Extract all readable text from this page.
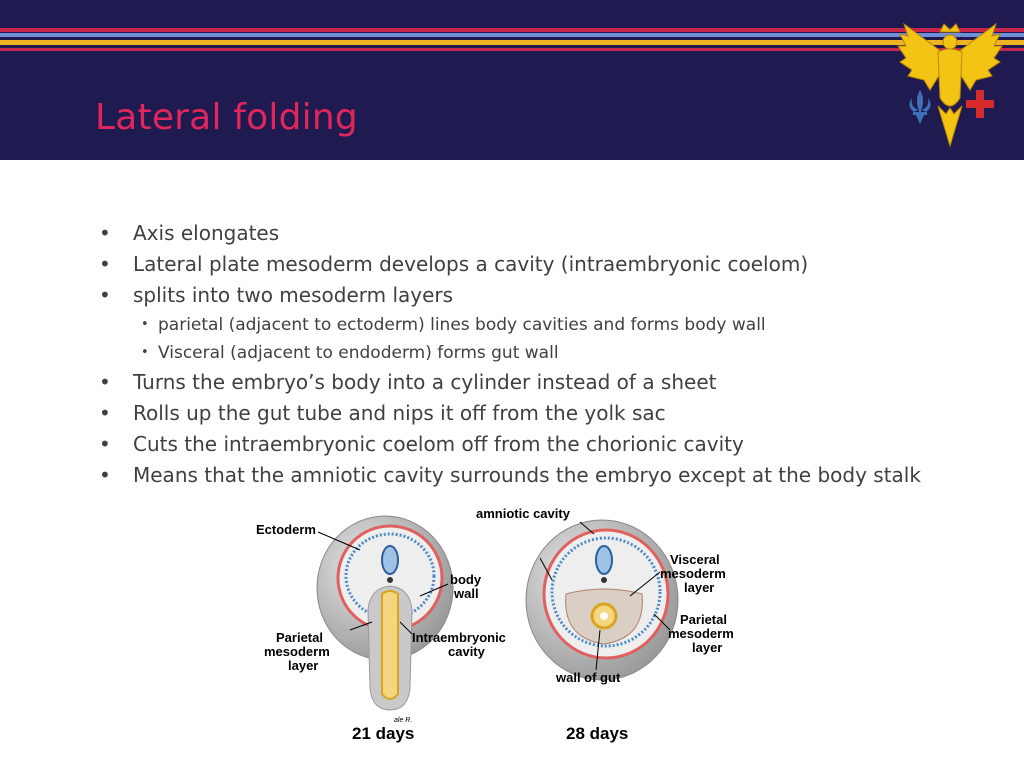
Lateral folding
• Axis elongates
• Lateral plate mesoderm develops a cavity (intraembryonic coelom)
• splits into two mesoderm layers
• parietal (adjacent to ectoderm) lines body cavities and forms body wall
• Visceral (adjacent to endoderm) forms gut wall
• Turns the embryo’s body into a cylinder instead of a sheet
• Rolls up the gut tube and nips it off from the yolk sac
• Cuts the intraembryonic coelom off from the chorionic cavity
• Means that the amniotic cavity surrounds the embryo except at the body stalk
Ectoderm
body
wall
Parietal
mesoderm
layer
Intraembryonic
cavity
ale R.
21 days
amniotic cavity
Visceral
mesoderm
layer
Parietal
mesoderm
layer
wall of gut
28 days
